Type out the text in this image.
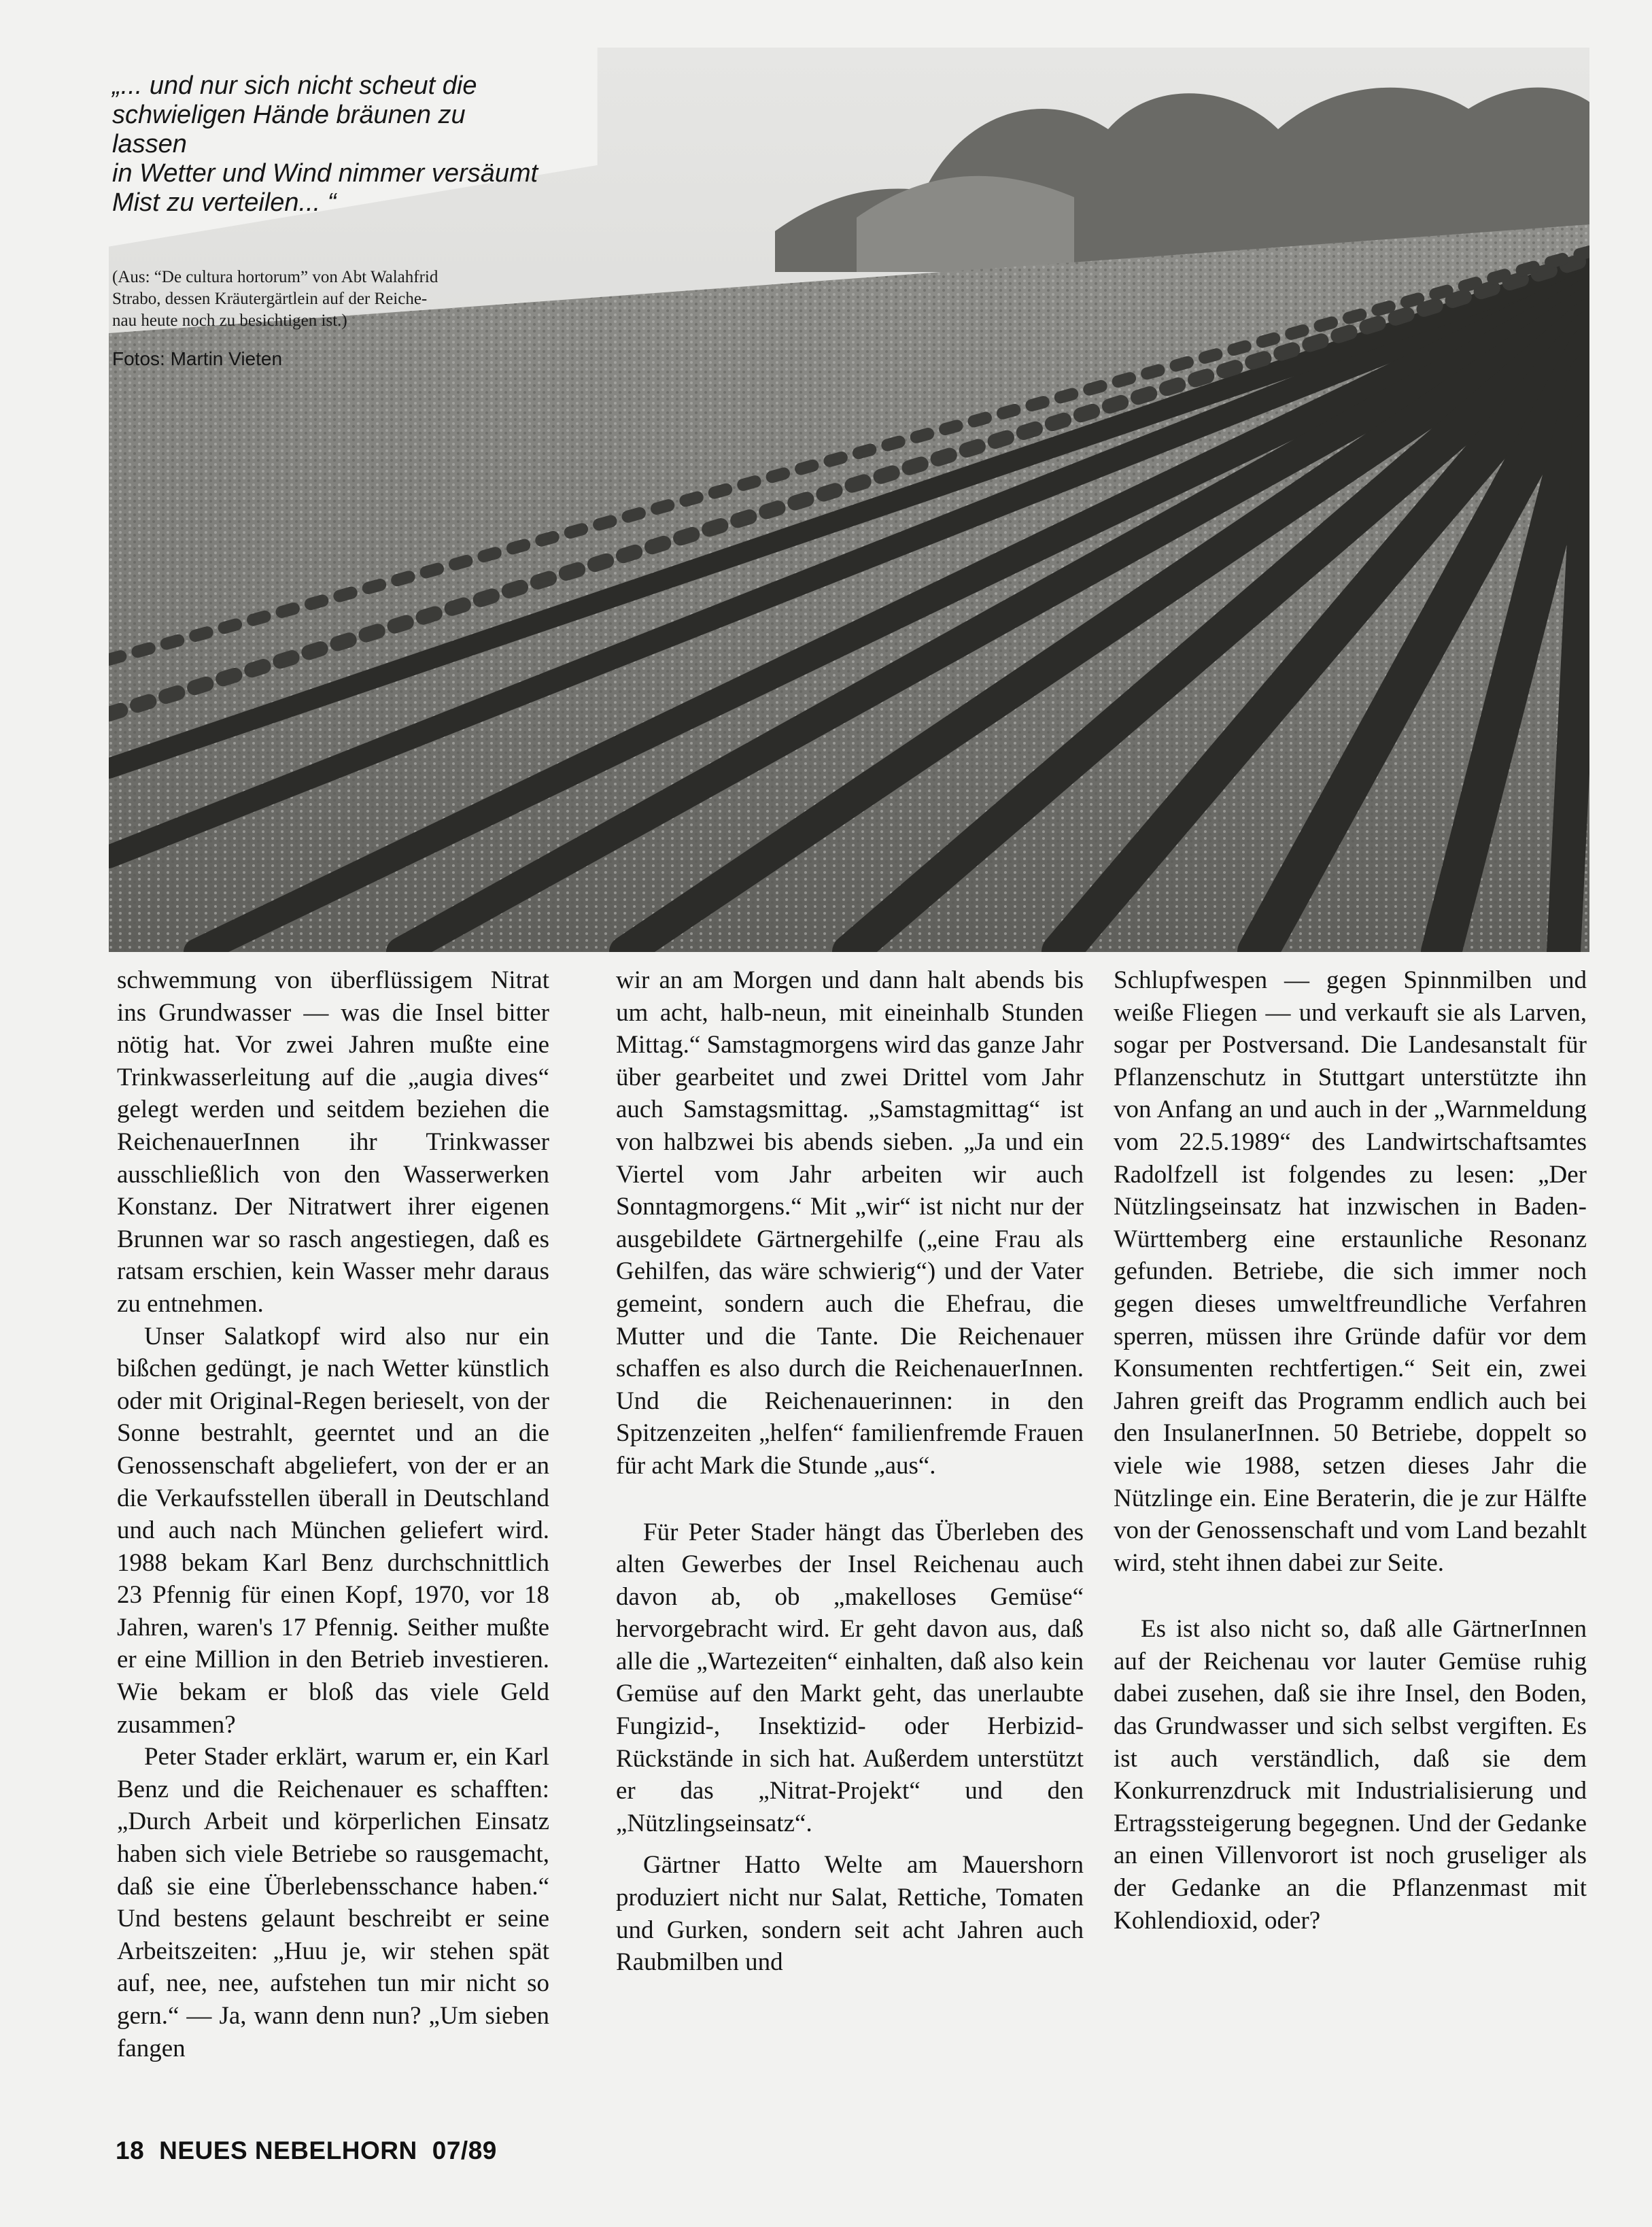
„... und nur sich nicht scheut die
schwieligen Hände bräunen zu
lassen
in Wetter und Wind nimmer versäumt
Mist zu verteilen... “
(Aus: “De cultura hortorum” von Abt Walahfrid
Strabo, dessen Kräutergärtlein auf der Reiche-
nau heute noch zu besichtigen ist.)
Fotos: Martin Vieten

schwemmung von überflüssigem Nitrat ins Grundwasser — was die Insel bitter nötig hat. Vor zwei Jahren mußte eine Trinkwasserleitung auf die „augia dives“ gelegt werden und seitdem beziehen die ReichenauerInnen ihr Trinkwasser ausschließlich von den Wasserwerken Konstanz. Der Nitratwert ihrer eigenen Brunnen war so rasch angestiegen, daß es ratsam erschien, kein Wasser mehr daraus zu entnehmen.

Unser Salatkopf wird also nur ein bißchen gedüngt, je nach Wetter künstlich oder mit Original-Regen berieselt, von der Sonne bestrahlt, geerntet und an die Genossenschaft abgeliefert, von der er an die Verkaufsstellen überall in Deutschland und auch nach München geliefert wird. 1988 bekam Karl Benz durchschnittlich 23 Pfennig für einen Kopf, 1970, vor 18 Jahren, waren's 17 Pfennig. Seither mußte er eine Million in den Betrieb investieren. Wie bekam er bloß das viele Geld zusammen?

Peter Stader erklärt, warum er, ein Karl Benz und die Reichenauer es schafften: „Durch Arbeit und körperlichen Einsatz haben sich viele Betriebe so rausgemacht, daß sie eine Überlebensschance haben.“ Und bestens gelaunt beschreibt er seine Arbeitszeiten: „Huu je, wir stehen spät auf, nee, nee, aufstehen tun mir nicht so gern.“ — Ja, wann denn nun? „Um sieben fangen

wir an am Morgen und dann halt abends bis um acht, halb-neun, mit eineinhalb Stunden Mittag.“ Samstagmorgens wird das ganze Jahr über gearbeitet und zwei Drittel vom Jahr auch Samstagsmittag. „Samstagmittag“ ist von halbzwei bis abends sieben. „Ja und ein Viertel vom Jahr arbeiten wir auch Sonntagmorgens.“ Mit „wir“ ist nicht nur der ausgebildete Gärtnergehilfe („eine Frau als Gehilfen, das wäre schwierig“) und der Vater gemeint, sondern auch die Ehefrau, die Mutter und die Tante. Die Reichenauer schaffen es also durch die ReichenauerInnen. Und die Reichenauerinnen: in den Spitzenzeiten „helfen“ familienfremde Frauen für acht Mark die Stunde „aus“.

Für Peter Stader hängt das Überleben des alten Gewerbes der Insel Reichenau auch davon ab, ob „makelloses Gemüse“ hervorgebracht wird. Er geht davon aus, daß alle die „Wartezeiten“ einhalten, daß also kein Gemüse auf den Markt geht, das unerlaubte Fungizid-, Insektizid- oder Herbizid-Rückstände in sich hat. Außerdem unterstützt er das „Nitrat-Projekt“ und den „Nützlingseinsatz“.

Gärtner Hatto Welte am Mauershorn produziert nicht nur Salat, Rettiche, Tomaten und Gurken, sondern seit acht Jahren auch Raubmilben und

Schlupfwespen — gegen Spinnmilben und weiße Fliegen — und verkauft sie als Larven, sogar per Postversand. Die Landesanstalt für Pflanzenschutz in Stuttgart unterstützte ihn von Anfang an und auch in der „Warnmeldung vom 22.5.1989“ des Landwirtschaftsamtes Radolfzell ist folgendes zu lesen: „Der Nützlingseinsatz hat inzwischen in Baden-Württemberg eine erstaunliche Resonanz gefunden. Betriebe, die sich immer noch gegen dieses umweltfreundliche Verfahren sperren, müssen ihre Gründe dafür vor dem Konsumenten rechtfertigen.“ Seit ein, zwei Jahren greift das Programm endlich auch bei den InsulanerInnen. 50 Betriebe, doppelt so viele wie 1988, setzen dieses Jahr die Nützlinge ein. Eine Beraterin, die je zur Hälfte von der Genossenschaft und vom Land bezahlt wird, steht ihnen dabei zur Seite.

Es ist also nicht so, daß alle GärtnerInnen auf der Reichenau vor lauter Gemüse ruhig dabei zusehen, daß sie ihre Insel, den Boden, das Grundwasser und sich selbst vergiften. Es ist auch verständlich, daß sie dem Konkurrenzdruck mit Industrialisierung und Ertragssteigerung begegnen. Und der Gedanke an einen Villenvorort ist noch gruseliger als der Gedanke an die Pflanzenmast mit Kohlendioxid, oder?

18 NEUES NEBELHORN 07/89
